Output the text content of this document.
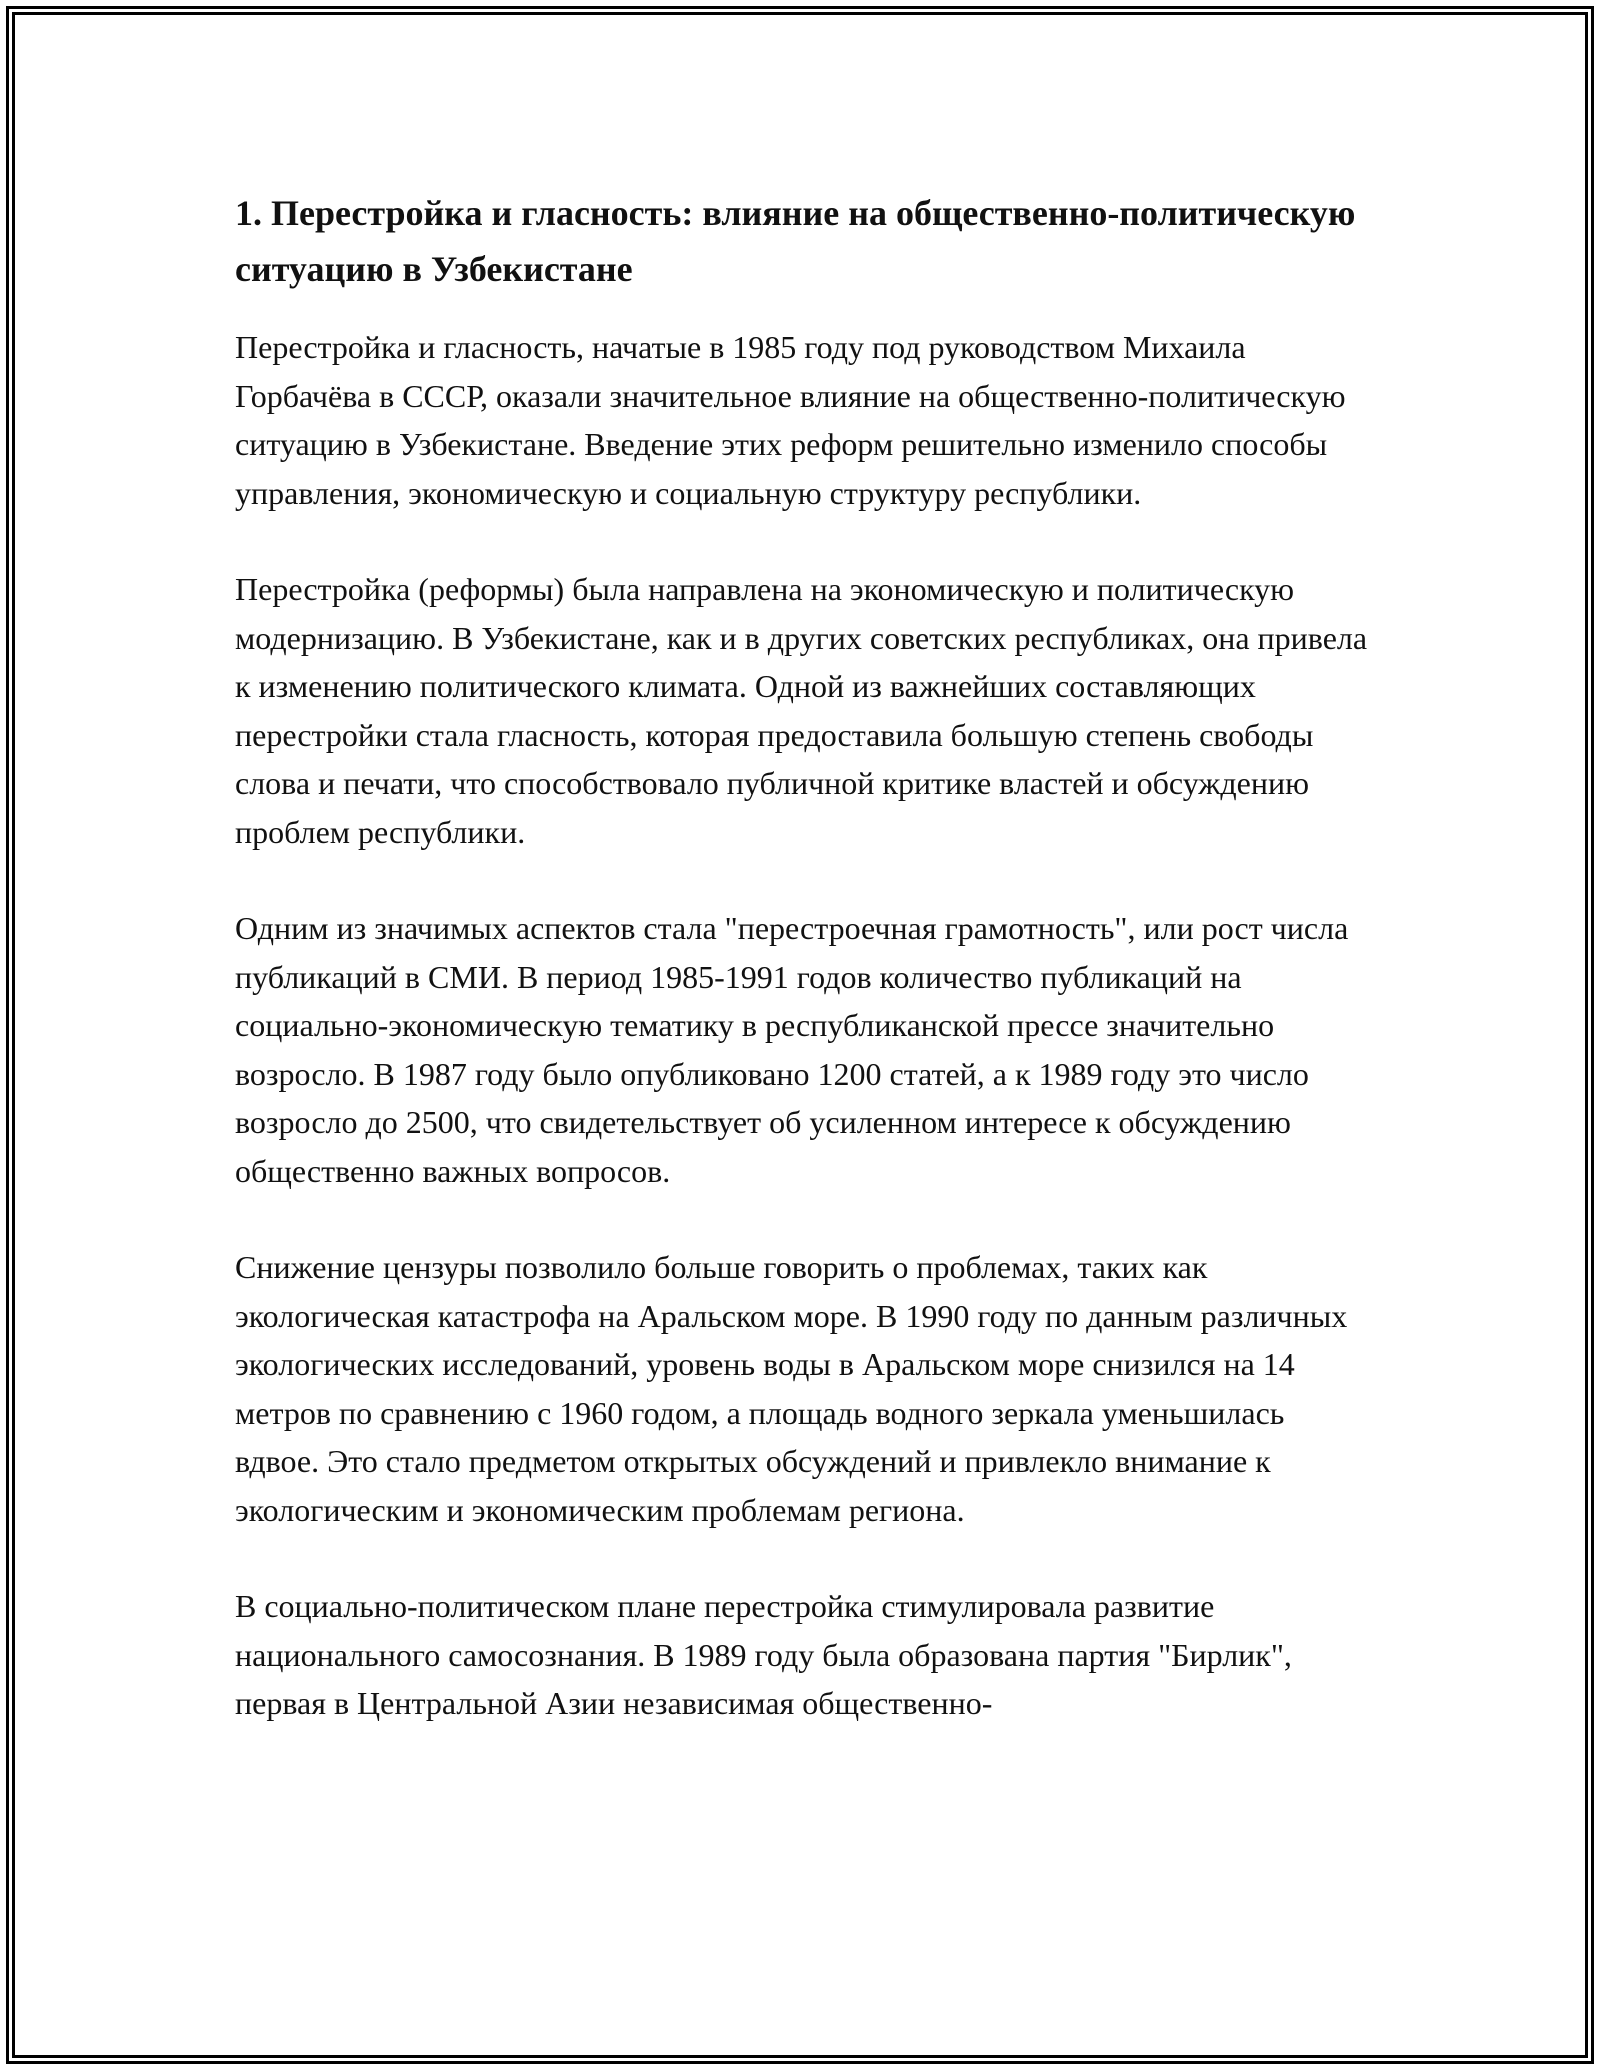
1. Перестройка и гласность: влияние на общественно-политическую ситуацию в Узбекистане

Перестройка и гласность, начатые в 1985 году под руководством Михаила Горбачёва в СССР, оказали значительное влияние на общественно-политическую ситуацию в Узбекистане. Введение этих реформ решительно изменило способы управления, экономическую и социальную структуру республики.

Перестройка (реформы) была направлена на экономическую и политическую модернизацию. В Узбекистане, как и в других советских республиках, она привела к изменению политического климата. Одной из важнейших составляющих перестройки стала гласность, которая предоставила большую степень свободы слова и печати, что способствовало публичной критике властей и обсуждению проблем республики.

Одним из значимых аспектов стала "перестроечная грамотность", или рост числа публикаций в СМИ. В период 1985-1991 годов количество публикаций на социально-экономическую тематику в республиканской прессе значительно возросло. В 1987 году было опубликовано 1200 статей, а к 1989 году это число возросло до 2500, что свидетельствует об усиленном интересе к обсуждению общественно важных вопросов.

Снижение цензуры позволило больше говорить о проблемах, таких как экологическая катастрофа на Аральском море. В 1990 году по данным различных экологических исследований, уровень воды в Аральском море снизился на 14 метров по сравнению с 1960 годом, а площадь водного зеркала уменьшилась вдвое. Это стало предметом открытых обсуждений и привлекло внимание к экологическим и экономическим проблемам региона.

В социально-политическом плане перестройка стимулировала развитие национального самосознания. В 1989 году была образована партия "Бирлик", первая в Центральной Азии независимая общественно-
